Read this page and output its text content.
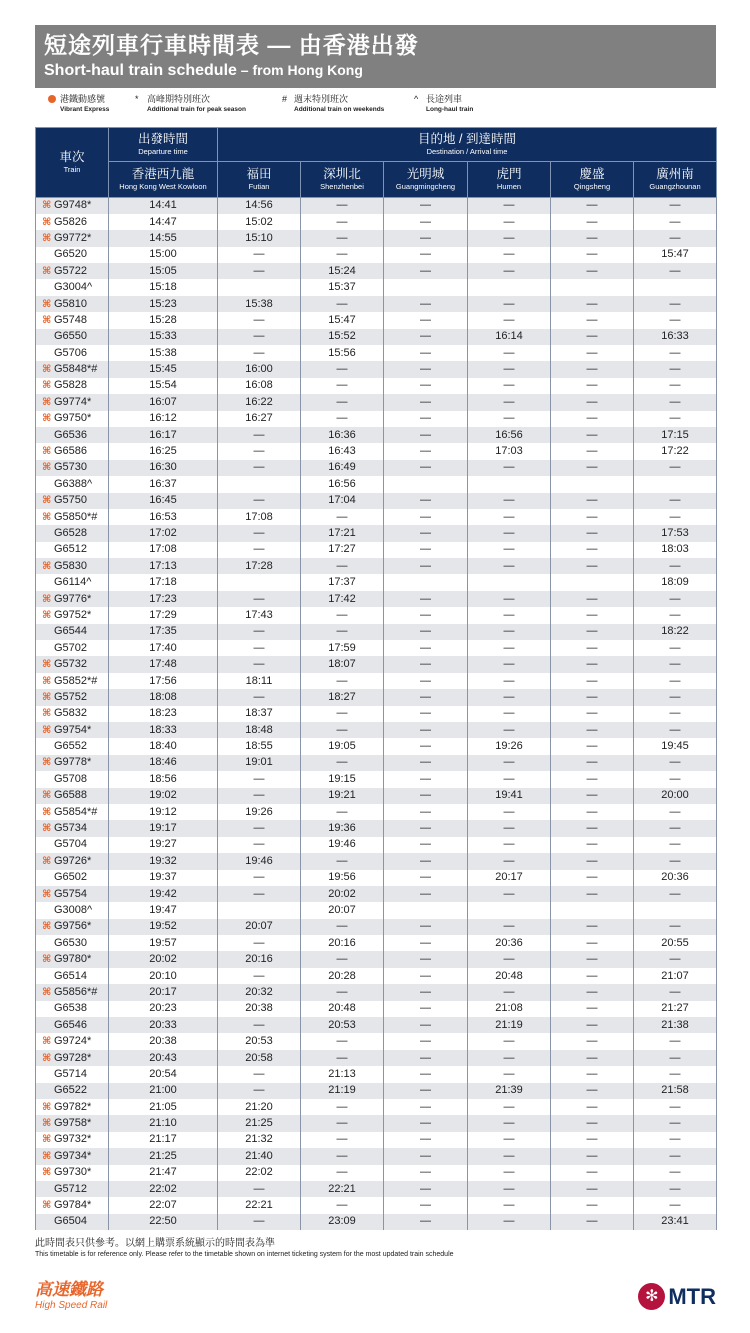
短途列車行車時間表 — 由香港出發
Short-haul train schedule – from Hong Kong
港鐵動感號
Vibrant Express
* 高峰期特別班次
Additional train for peak season
# 週末特別班次
Additional train on weekends
^ 長途列車
Long-haul train
車次
Train	出發時間
Departure time	目的地 / 到達時間
Destination / Arrival time					

	香港西九龍
Hong Kong West Kowloon	福田
Futian	深圳北
Shenzhenbei	光明城
Guangmingcheng	虎門
Humen	慶盛
Qingsheng	廣州南
Guangzhounan

⌘ G9748*	14:41	14:56	—	—	—	—	—
⌘ G5826	14:47	15:02	—	—	—	—	—
⌘ G9772*	14:55	15:10	—	—	—	—	—
G6520	15:00	—	—	—	—	—	15:47
⌘ G5722	15:05	—	15:24	—	—	—	—
G3004^	15:18		15:37				
⌘ G5810	15:23	15:38	—	—	—	—	—
⌘ G5748	15:28	—	15:47	—	—	—	—
G6550	15:33	—	15:52	—	16:14	—	16:33
G5706	15:38	—	15:56	—	—	—	—
⌘ G5848*#	15:45	16:00	—	—	—	—	—
⌘ G5828	15:54	16:08	—	—	—	—	—
⌘ G9774*	16:07	16:22	—	—	—	—	—
⌘ G9750*	16:12	16:27	—	—	—	—	—
G6536	16:17	—	16:36	—	16:56	—	17:15
⌘ G6586	16:25	—	16:43	—	17:03	—	17:22
⌘ G5730	16:30	—	16:49	—	—	—	—
G6388^	16:37		16:56				
⌘ G5750	16:45	—	17:04	—	—	—	—
⌘ G5850*#	16:53	17:08	—	—	—	—	—
G6528	17:02	—	17:21	—	—	—	17:53
G6512	17:08	—	17:27	—	—	—	18:03
⌘ G5830	17:13	17:28	—	—	—	—	—
G6114^	17:18		17:37				18:09
⌘ G9776*	17:23	—	17:42	—	—	—	—
⌘ G9752*	17:29	17:43	—	—	—	—	—
G6544	17:35	—	—	—	—	—	18:22
G5702	17:40	—	17:59	—	—	—	—
⌘ G5732	17:48	—	18:07	—	—	—	—
⌘ G5852*#	17:56	18:11	—	—	—	—	—
⌘ G5752	18:08	—	18:27	—	—	—	—
⌘ G5832	18:23	18:37	—	—	—	—	—
⌘ G9754*	18:33	18:48	—	—	—	—	—
G6552	18:40	18:55	19:05	—	19:26	—	19:45
⌘ G9778*	18:46	19:01	—	—	—	—	—
G5708	18:56	—	19:15	—	—	—	—
⌘ G6588	19:02	—	19:21	—	19:41	—	20:00
⌘ G5854*#	19:12	19:26	—	—	—	—	—
⌘ G5734	19:17	—	19:36	—	—	—	—
G5704	19:27	—	19:46	—	—	—	—
⌘ G9726*	19:32	19:46	—	—	—	—	—
G6502	19:37	—	19:56	—	20:17	—	20:36
⌘ G5754	19:42	—	20:02	—	—	—	—
G3008^	19:47		20:07				
⌘ G9756*	19:52	20:07	—	—	—	—	—
G6530	19:57	—	20:16	—	20:36	—	20:55
⌘ G9780*	20:02	20:16	—	—	—	—	—
G6514	20:10	—	20:28	—	20:48	—	21:07
⌘ G5856*#	20:17	20:32	—	—	—	—	—
G6538	20:23	20:38	20:48	—	21:08	—	21:27
G6546	20:33	—	20:53	—	21:19	—	21:38
⌘ G9724*	20:38	20:53	—	—	—	—	—
⌘ G9728*	20:43	20:58	—	—	—	—	—
G5714	20:54	—	21:13	—	—	—	—
G6522	21:00	—	21:19	—	21:39	—	21:58
⌘ G9782*	21:05	21:20	—	—	—	—	—
⌘ G9758*	21:10	21:25	—	—	—	—	—
⌘ G9732*	21:17	21:32	—	—	—	—	—
⌘ G9734*	21:25	21:40	—	—	—	—	—
⌘ G9730*	21:47	22:02	—	—	—	—	—
G5712	22:02	—	22:21	—	—	—	—
⌘ G9784*	22:07	22:21	—	—	—	—	—
G6504	22:50	—	23:09	—	—	—	23:41
此時間表只供參考。以網上購票系統顯示的時間表為準
This timetable is for reference only. Please refer to the timetable shown on internet ticketing system for the most updated train schedule
高速鐵路
High Speed Rail
✻ MTR
